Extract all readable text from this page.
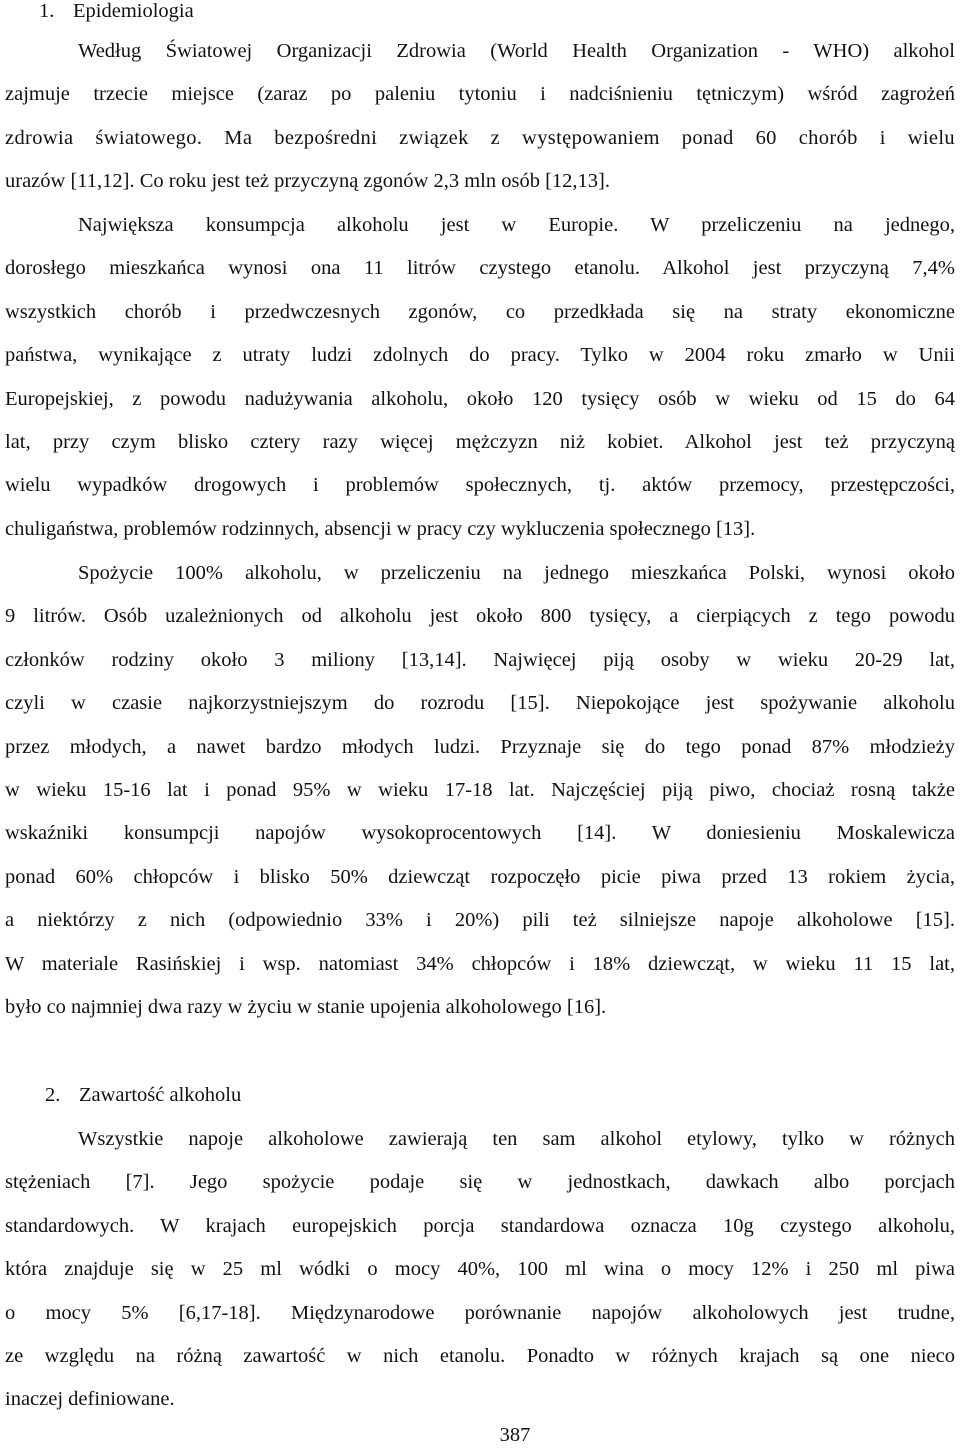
1. Epidemiologia
Według Światowej Organizacji Zdrowia (World Health Organization - WHO) alkohol
zajmuje trzecie miejsce (zaraz po paleniu tytoniu i nadciśnieniu tętniczym) wśród zagrożeń
zdrowia światowego. Ma bezpośredni związek z występowaniem ponad 60 chorób i wielu
urazów [11,12]. Co roku jest też przyczyną zgonów 2,3 mln osób [12,13].
Największa konsumpcja alkoholu jest w Europie. W przeliczeniu na jednego,
dorosłego mieszkańca wynosi ona 11 litrów czystego etanolu. Alkohol jest przyczyną 7,4%
wszystkich chorób i przedwczesnych zgonów, co przedkłada się na straty ekonomiczne
państwa, wynikające z utraty ludzi zdolnych do pracy. Tylko w 2004 roku zmarło w Unii
Europejskiej, z powodu nadużywania alkoholu, około 120 tysięcy osób w wieku od 15 do 64
lat, przy czym blisko cztery razy więcej mężczyzn niż kobiet. Alkohol jest też przyczyną
wielu wypadków drogowych i problemów społecznych, tj. aktów przemocy, przestępczości,
chuligaństwa, problemów rodzinnych, absencji w pracy czy wykluczenia społecznego [13].
Spożycie 100% alkoholu, w przeliczeniu na jednego mieszkańca Polski, wynosi około
9 litrów. Osób uzależnionych od alkoholu jest około 800 tysięcy, a cierpiących z tego powodu
członków rodziny około 3 miliony [13,14]. Najwięcej piją osoby w wieku 20-29 lat,
czyli w czasie najkorzystniejszym do rozrodu [15]. Niepokojące jest spożywanie alkoholu
przez młodych, a nawet bardzo młodych ludzi. Przyznaje się do tego ponad 87% młodzieży
w wieku 15-16 lat i ponad 95% w wieku 17-18 lat. Najczęściej piją piwo, chociaż rosną także
wskaźniki konsumpcji napojów wysokoprocentowych [14]. W doniesieniu Moskalewicza
ponad 60% chłopców i blisko 50% dziewcząt rozpoczęło picie piwa przed 13 rokiem życia,
a niektórzy z nich (odpowiednio 33% i 20%) pili też silniejsze napoje alkoholowe [15].
W materiale Rasińskiej i wsp. natomiast 34% chłopców i 18% dziewcząt, w wieku 11 15 lat,
było co najmniej dwa razy w życiu w stanie upojenia alkoholowego [16].
2. Zawartość alkoholu
Wszystkie napoje alkoholowe zawierają ten sam alkohol etylowy, tylko w różnych
stężeniach [7]. Jego spożycie podaje się w jednostkach, dawkach albo porcjach
standardowych. W krajach europejskich porcja standardowa oznacza 10g czystego alkoholu,
która znajduje się w 25 ml wódki o mocy 40%, 100 ml wina o mocy 12% i 250 ml piwa
o mocy 5% [6,17-18]. Międzynarodowe porównanie napojów alkoholowych jest trudne,
ze względu na różną zawartość w nich etanolu. Ponadto w różnych krajach są one nieco
inaczej definiowane.
387
